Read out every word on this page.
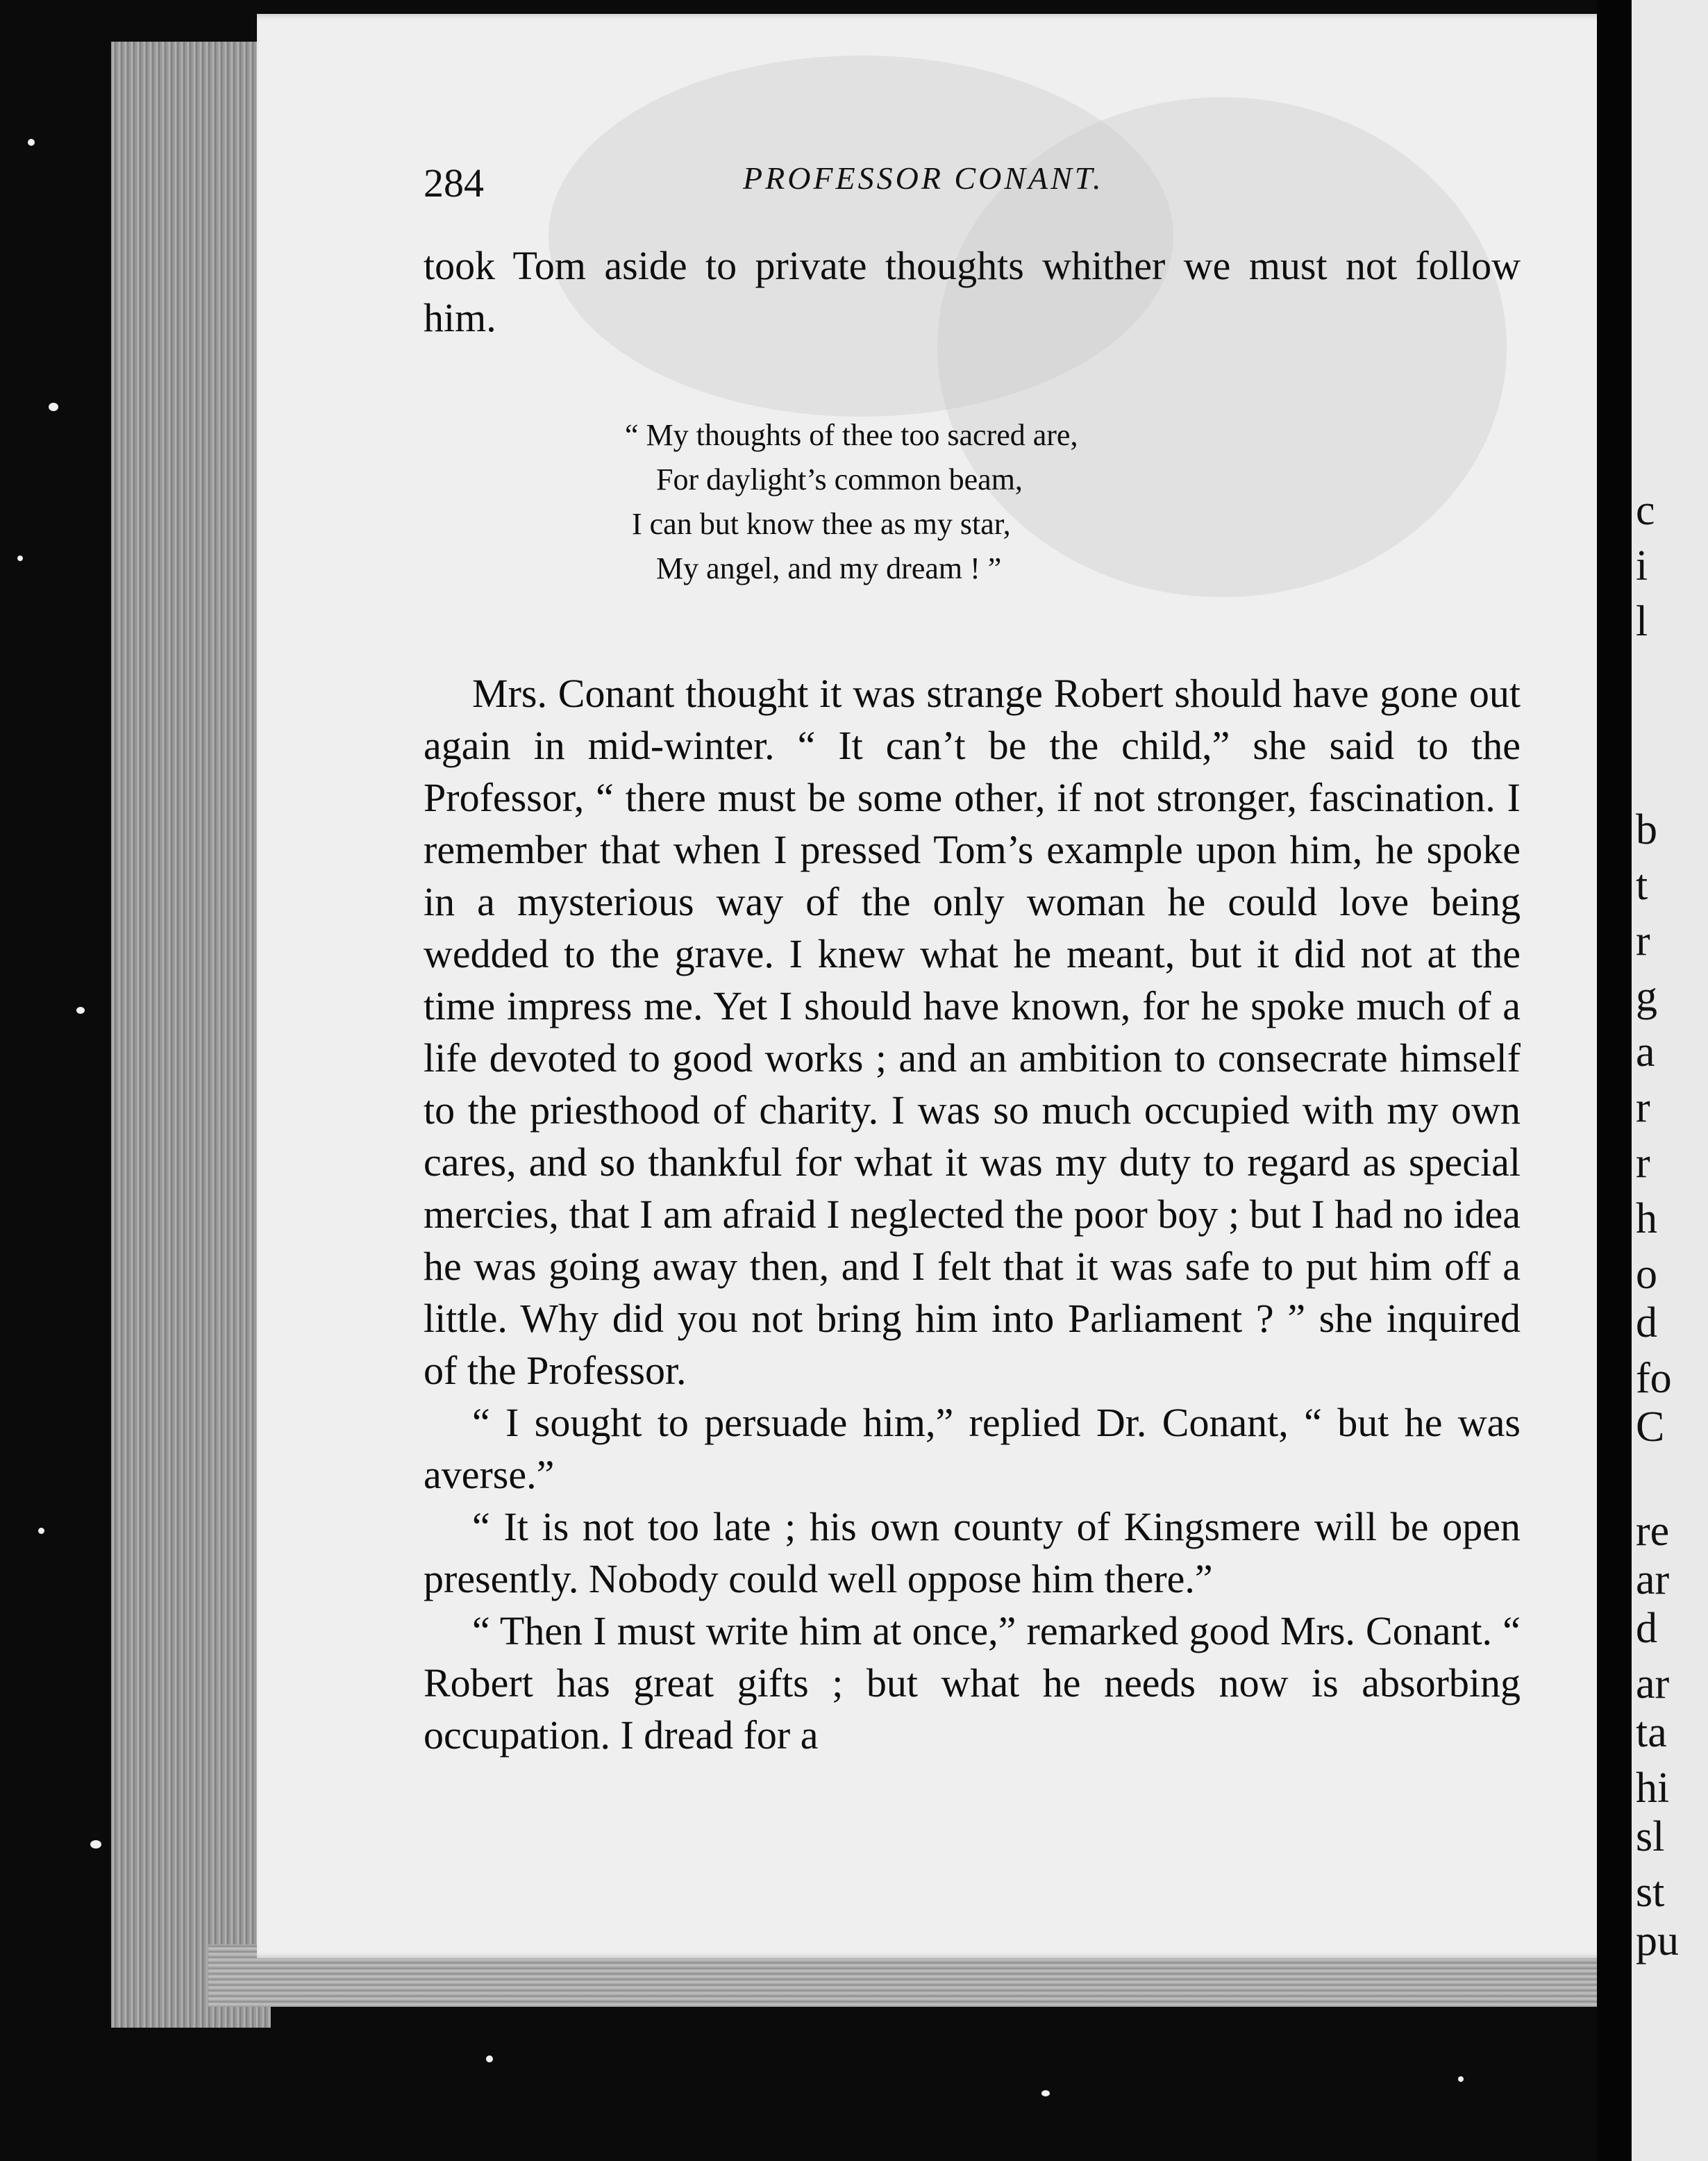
284	PROFESSOR CONANT.

took Tom aside to private thoughts whither we must not follow him.

“ My thoughts of thee too sacred are,
For daylight’s common beam,
I can but know thee as my star,
My angel, and my dream ! ”

Mrs. Conant thought it was strange Robert should have gone out again in mid-winter. “ It can’t be the child,” she said to the Professor, “ there must be some other, if not stronger, fascination. I remember that when I pressed Tom’s example upon him, he spoke in a mysterious way of the only woman he could love being wedded to the grave. I knew what he meant, but it did not at the time impress me. Yet I should have known, for he spoke much of a life devoted to good works ; and an ambition to consecrate himself to the priesthood of charity. I was so much occupied with my own cares, and so thankful for what it was my duty to regard as special mercies, that I am afraid I neglected the poor boy ; but I had no idea he was going away then, and I felt that it was safe to put him off a little. Why did you not bring him into Parliament ? ” she inquired of the Professor.

“ I sought to persuade him,” replied Dr. Conant, “ but he was averse.”

“ It is not too late ; his own county of Kingsmere will be open presently. Nobody could well oppose him there.”

“ Then I must write him at once,” remarked good Mrs. Conant. “ Robert has great gifts ; but what he needs now is absorbing occupation. I dread for a

c
i
l
b
t
r
g
a
r
r
h
o
d
fo
C
re
ar
d
ar
ta
hi
sl
st
pu
